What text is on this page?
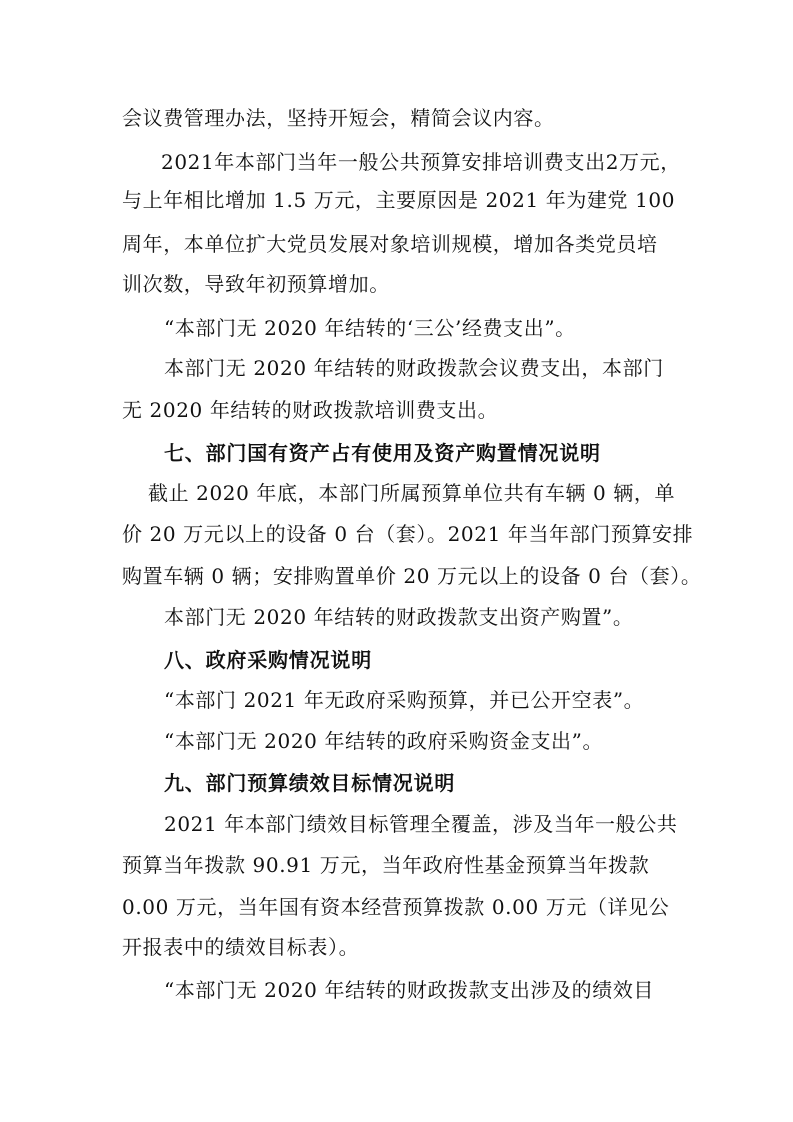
会议费管理办法，坚持开短会，精简会议内容。
2021年本部门当年一般公共预算安排培训费支出2万元，
与上年相比增加 1.5 万元，主要原因是 2021 年为建党 100
周年，本单位扩大党员发展对象培训规模，增加各类党员培
训次数，导致年初预算增加。
“本部门无 2020 年结转的‘三公’经费支出”。
本部门无 2020 年结转的财政拨款会议费支出，本部门
无 2020 年结转的财政拨款培训费支出。
七、部门国有资产占有使用及资产购置情况说明
截止 2020 年底，本部门所属预算单位共有车辆 0 辆，单
价 20 万元以上的设备 0 台（套）。2021 年当年部门预算安排
购置车辆 0 辆；安排购置单价 20 万元以上的设备 0 台（套）。
本部门无 2020 年结转的财政拨款支出资产购置”。
八、政府采购情况说明
“本部门 2021 年无政府采购预算，并已公开空表”。
“本部门无 2020 年结转的政府采购资金支出”。
九、部门预算绩效目标情况说明
2021 年本部门绩效目标管理全覆盖，涉及当年一般公共
预算当年拨款 90.91 万元，当年政府性基金预算当年拨款
0.00 万元，当年国有资本经营预算拨款 0.00 万元（详见公
开报表中的绩效目标表）。
“本部门无 2020 年结转的财政拨款支出涉及的绩效目
